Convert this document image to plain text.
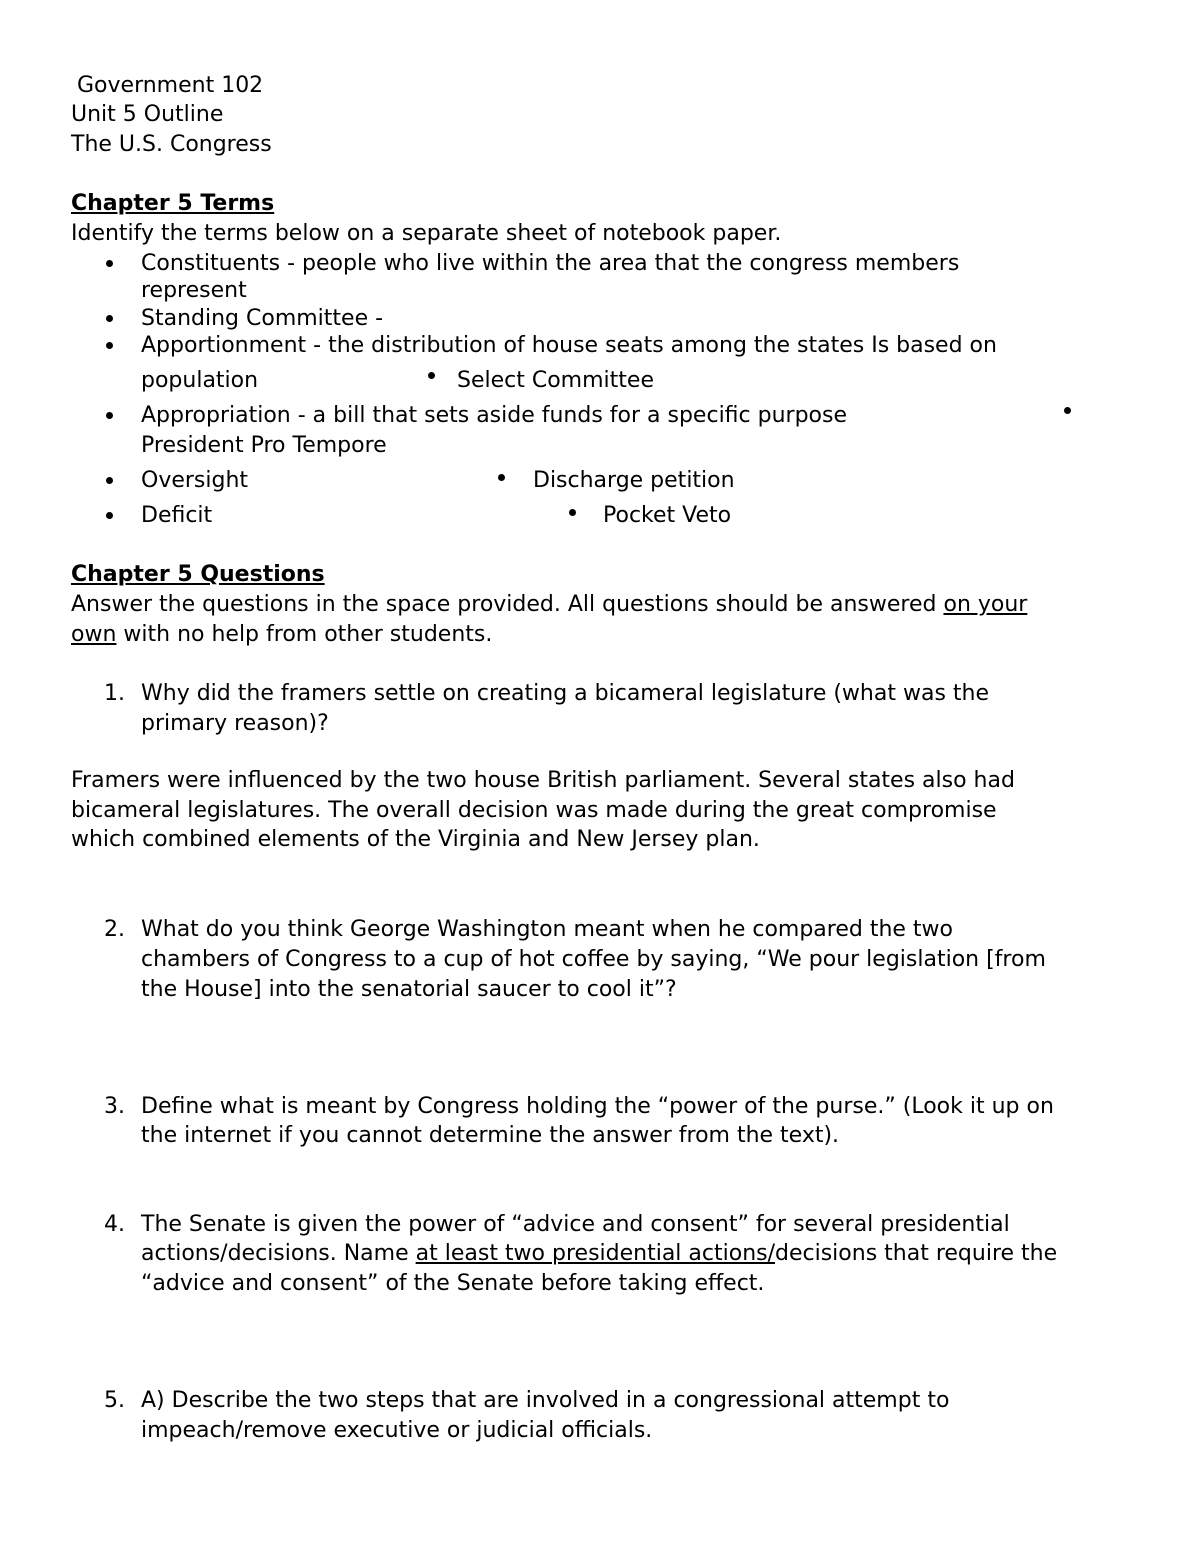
Government 102
Unit 5 Outline
The U.S. Congress
Chapter 5 Terms
Identify the terms below on a separate sheet of notebook paper.
Constituents - people who live within the area that the congress members
represent
Standing Committee -
Apportionment - the distribution of house seats among the states Is based on
population	Select Committee
Appropriation - a bill that sets aside funds for a specific purpose
President Pro Tempore
Oversight	Discharge petition
Deficit	Pocket Veto
Chapter 5 Questions
Answer the questions in the space provided. All questions should be answered on your
own with no help from other students.
1. Why did the framers settle on creating a bicameral legislature (what was the
primary reason)?
Framers were influenced by the two house British parliament. Several states also had
bicameral legislatures. The overall decision was made during the great compromise
which combined elements of the Virginia and New Jersey plan.
2. What do you think George Washington meant when he compared the two
chambers of Congress to a cup of hot coffee by saying, “We pour legislation [from
the House] into the senatorial saucer to cool it”?
3. Define what is meant by Congress holding the “power of the purse.” (Look it up on
the internet if you cannot determine the answer from the text).
4. The Senate is given the power of “advice and consent” for several presidential
actions/decisions. Name at least two presidential actions/decisions that require the
“advice and consent” of the Senate before taking effect.
5. A) Describe the two steps that are involved in a congressional attempt to
impeach/remove executive or judicial officials.
